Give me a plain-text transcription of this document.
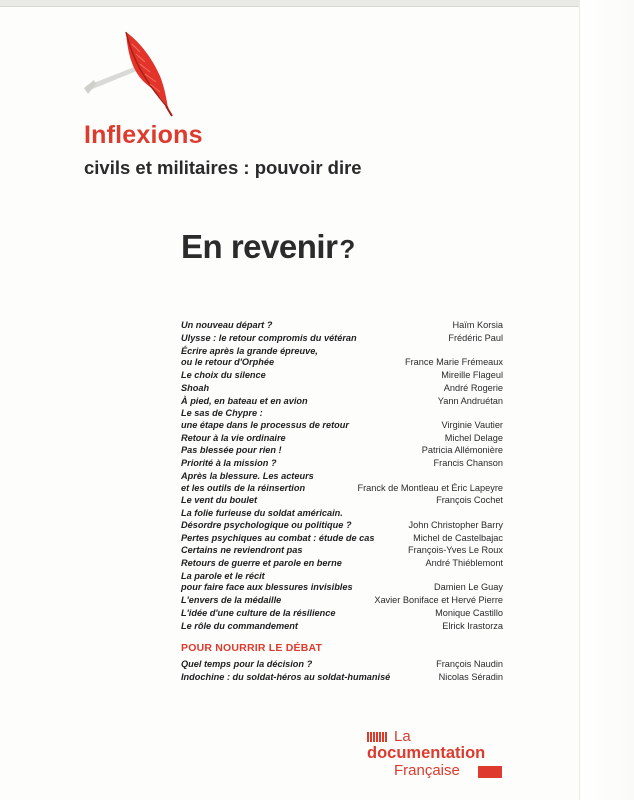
Inflexions
civils et militaires : pouvoir dire
En revenir?
Un nouveau départ ?	Haïm Korsia
Ulysse : le retour compromis du vétéran	Frédéric Paul
Écrire après la grande épreuve,
ou le retour d'Orphée	France Marie Frémeaux
Le choix du silence	Mireille Flageul
Shoah	André Rogerie
À pied, en bateau et en avion	Yann Andruétan
Le sas de Chypre :
une étape dans le processus de retour	Virginie Vautier
Retour à la vie ordinaire	Michel Delage
Pas blessée pour rien !	Patricia Allémonière
Priorité à la mission ?	Francis Chanson
Après la blessure. Les acteurs
et les outils de la réinsertion	Franck de Montleau et Éric Lapeyre
Le vent du boulet	François Cochet
La folie furieuse du soldat américain.
Désordre psychologique ou politique ?	John Christopher Barry
Pertes psychiques au combat : étude de cas	Michel de Castelbajac
Certains ne reviendront pas	François-Yves Le Roux
Retours de guerre et parole en berne	André Thiéblemont
La parole et le récit
pour faire face aux blessures invisibles	Damien Le Guay
L'envers de la médaille	Xavier Boniface et Hervé Pierre
L'idée d'une culture de la résilience	Monique Castillo
Le rôle du commandement	Elrick Irastorza
POUR NOURRIR LE DÉBAT
Quel temps pour la décision ?	François Naudin
Indochine : du soldat-héros au soldat-humanisé	Nicolas Séradin
La
documentation
Française
